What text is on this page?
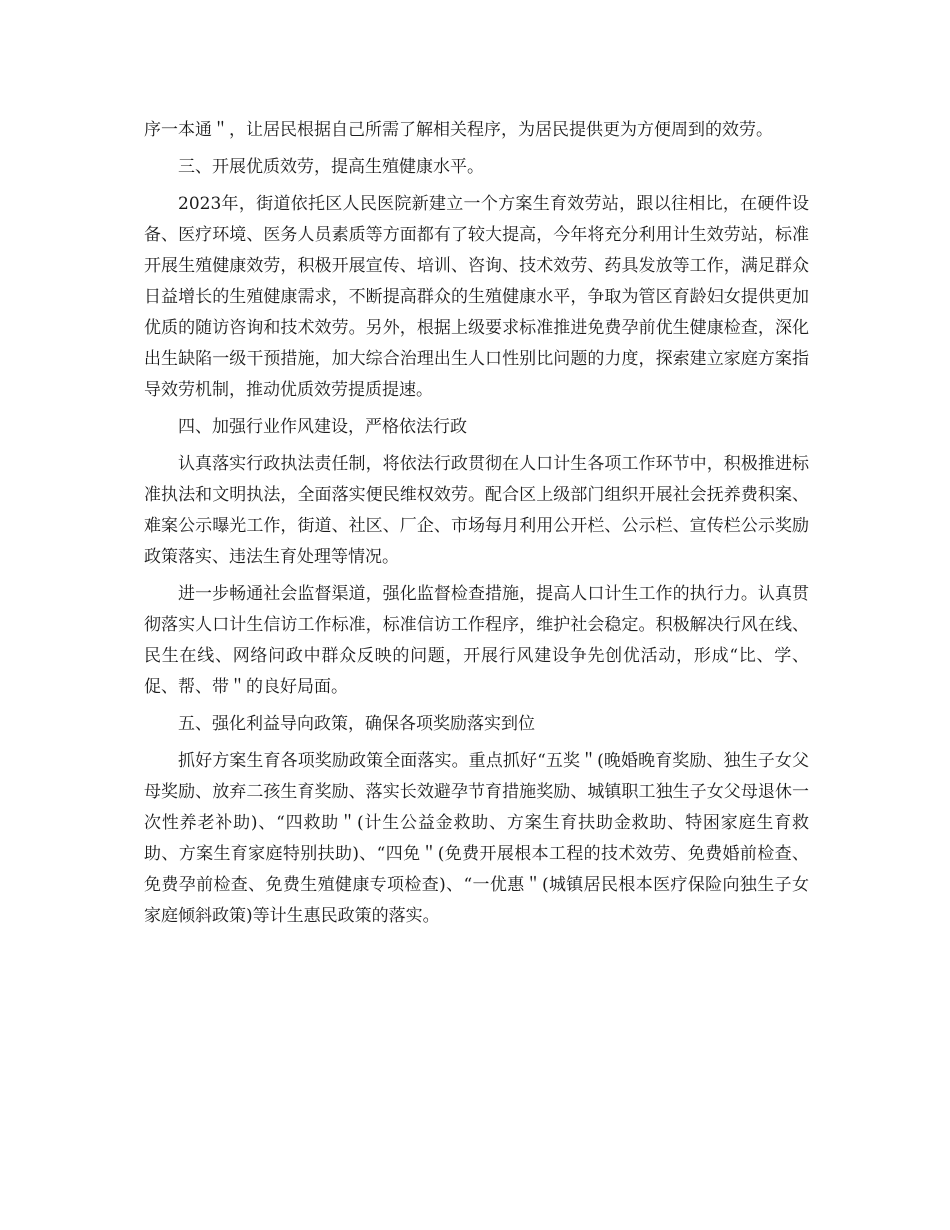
序一本通＂，让居民根据自己所需了解相关程序，为居民提供更为方便周到的效劳。

三、开展优质效劳，提高生殖健康水平。

2023年，街道依托区人民医院新建立一个方案生育效劳站，跟以往相比，在硬件设备、医疗环境、医务人员素质等方面都有了较大提高，今年将充分利用计生效劳站，标准开展生殖健康效劳，积极开展宣传、培训、咨询、技术效劳、药具发放等工作，满足群众日益增长的生殖健康需求，不断提高群众的生殖健康水平，争取为管区育龄妇女提供更加优质的随访咨询和技术效劳。另外，根据上级要求标准推进免费孕前优生健康检查，深化出生缺陷一级干预措施，加大综合治理出生人口性别比问题的力度，探索建立家庭方案指导效劳机制，推动优质效劳提质提速。

四、加强行业作风建设，严格依法行政

认真落实行政执法责任制，将依法行政贯彻在人口计生各项工作环节中，积极推进标准执法和文明执法，全面落实便民维权效劳。配合区上级部门组织开展社会抚养费积案、难案公示曝光工作，街道、社区、厂企、市场每月利用公开栏、公示栏、宣传栏公示奖励政策落实、违法生育处理等情况。

进一步畅通社会监督渠道，强化监督检查措施，提高人口计生工作的执行力。认真贯彻落实人口计生信访工作标准，标准信访工作程序，维护社会稳定。积极解决行风在线、民生在线、网络问政中群众反映的问题，开展行风建设争先创优活动，形成“比、学、促、帮、带＂的良好局面。

五、强化利益导向政策，确保各项奖励落实到位

抓好方案生育各项奖励政策全面落实。重点抓好“五奖＂(晚婚晚育奖励、独生子女父母奖励、放弃二孩生育奖励、落实长效避孕节育措施奖励、城镇职工独生子女父母退休一次性养老补助)、“四救助＂(计生公益金救助、方案生育扶助金救助、特困家庭生育救助、方案生育家庭特别扶助)、“四免＂(免费开展根本工程的技术效劳、免费婚前检查、免费孕前检查、免费生殖健康专项检查)、“一优惠＂(城镇居民根本医疗保险向独生子女家庭倾斜政策)等计生惠民政策的落实。
